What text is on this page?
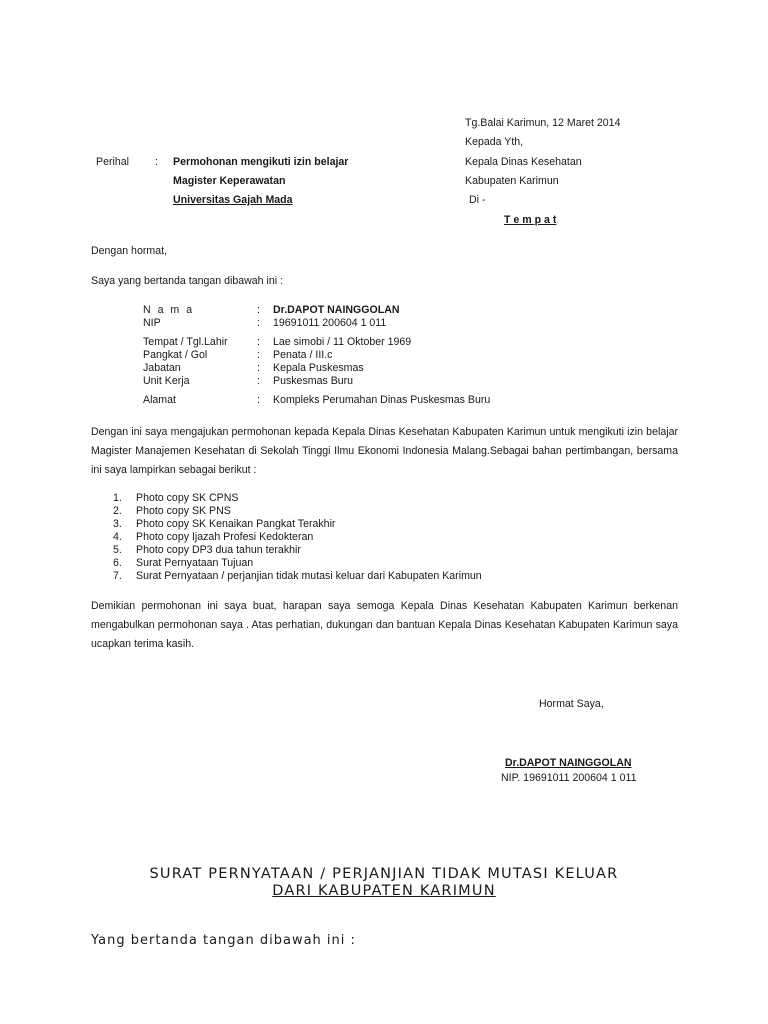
Tg.Balai Karimun, 12 Maret 2014
Kepada Yth,
Kepala Dinas Kesehatan
Kabupaten Karimun
Di -
T e m p a t
Perihal : Permohonan mengikuti izin belajar
Magister Keperawatan
Universitas Gajah Mada
Dengan hormat,
Saya yang bertanda tangan dibawah ini :
N a m a	: Dr.DAPOT NAINGGOLAN
NIP	: 19691011 200604 1 011
Tempat / Tgl.Lahir	: Lae simobi / 11 Oktober 1969
Pangkat / Gol	: Penata / III.c
Jabatan	: Kepala Puskesmas
Unit Kerja	: Puskesmas Buru
Alamat	: Kompleks Perumahan Dinas Puskesmas Buru
Dengan ini saya mengajukan permohonan kepada Kepala Dinas Kesehatan Kabupaten Karimun untuk mengikuti izin belajar Magister Manajemen Kesehatan di Sekolah Tinggi Ilmu Ekonomi Indonesia Malang.Sebagai bahan pertimbangan, bersama ini saya lampirkan sebagai berikut :
1. Photo copy SK CPNS
2. Photo copy SK PNS
3. Photo copy SK Kenaikan Pangkat Terakhir
4. Photo copy Ijazah Profesi Kedokteran
5. Photo copy DP3 dua tahun terakhir
6. Surat Pernyataan Tujuan
7. Surat Pernyataan / perjanjian tidak mutasi keluar dari Kabupaten Karimun
Demikian permohonan ini saya buat, harapan saya semoga Kepala Dinas Kesehatan Kabupaten Karimun berkenan mengabulkan permohonan saya . Atas perhatian, dukungan dan bantuan Kepala Dinas Kesehatan Kabupaten Karimun saya ucapkan terima kasih.
Hormat Saya,
Dr.DAPOT NAINGGOLAN
NIP. 19691011 200604 1 011
SURAT PERNYATAAN / PERJANJIAN TIDAK MUTASI KELUAR
DARI KABUPATEN KARIMUN
Yang bertanda tangan dibawah ini :
